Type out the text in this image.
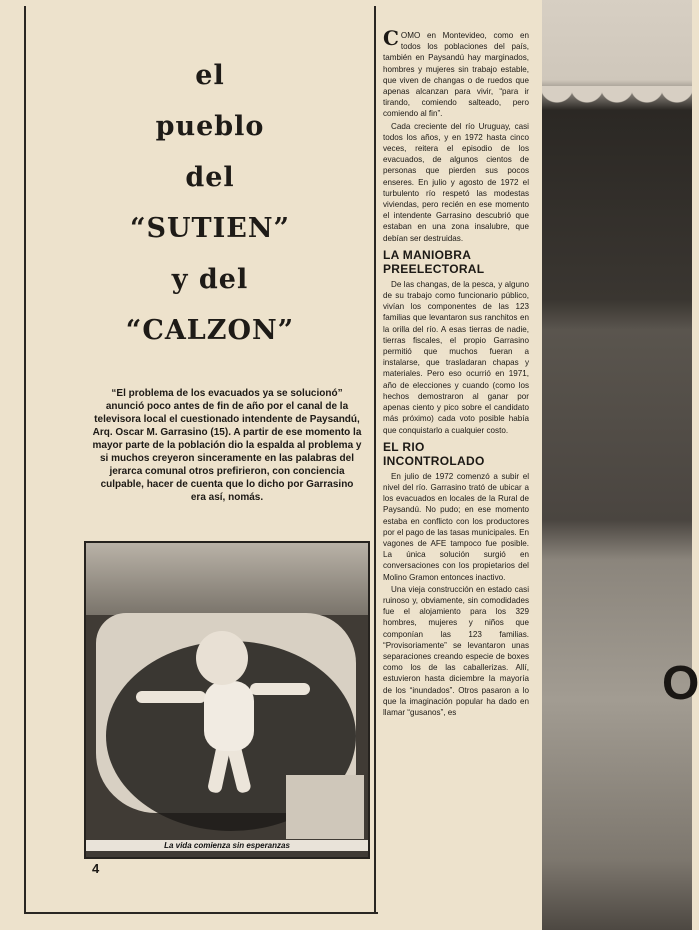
el
pueblo
del
“SUTIEN”
y del
“CALZON”
“El problema de los evacuados ya se solucionó” anunció poco antes de fin de año por el canal de la televisora local el cuestionado intendente de Paysandú, Arq. Oscar M. Garrasino (15). A partir de ese momento la mayor parte de la población dio la espalda al problema y si muchos creyeron sinceramente en las palabras del jerarca comunal otros prefirieron, con conciencia culpable, hacer de cuenta que lo dicho por Garrasino era así, nomás.
La vida comienza sin esperanzas
4

COMO en Montevideo, como en todos los poblaciones del país, también en Paysandú hay marginados, hombres y mujeres sin trabajo estable, que viven de changas o de ruedos que apenas alcanzan para vivir, “para ir tirando, comiendo salteado, pero comiendo al fin”.

Cada creciente del río Uruguay, casi todos los años, y en 1972 hasta cinco veces, reitera el episodio de los evacuados, de algunos cientos de personas que pierden sus pocos enseres. En julio y agosto de 1972 el turbulento río respetó las modestas viviendas, pero recién en ese momento el intendente Garrasino descubrió que estaban en una zona insalubre, que debían ser destruidas.

LA MANIOBRA PREELECTORAL

De las changas, de la pesca, y alguno de su trabajo como funcionario público, vivían los componentes de las 123 familias que levantaron sus ranchitos en la orilla del río. A esas tierras de nadie, tierras fiscales, el propio Garrasino permitió que muchos fueran a instalarse, que trasladaran chapas y materiales. Pero eso ocurrió en 1971, año de elecciones y cuando (como los hechos demostraron al ganar por apenas ciento y pico sobre el candidato más próximo) cada voto posible había que conquistarlo a cualquier costo.

EL RIO INCONTROLADO

En julio de 1972 comenzó a subir el nivel del río. Garrasino trató de ubicar a los evacuados en locales de la Rural de Paysandú. No pudo; en ese momento estaba en conflicto con los productores por el pago de las tasas municipales. En vagones de AFE tampoco fue posible. La única solución surgió en conversaciones con los propietarios del Molino Gramon entonces inactivo.

Una vieja construcción en estado casi ruinoso y, obviamente, sin comodidades fue el alojamiento para los 329 hombres, mujeres y niños que componían las 123 familias. “Provisoriamente” se levantaron unas separaciones creando especie de boxes como los de las caballerizas. Allí, estuvieron hasta diciembre la mayoría de los “inundados”. Otros pasaron a lo que la imaginación popular ha dado en llamar “gusanos”, es

O
